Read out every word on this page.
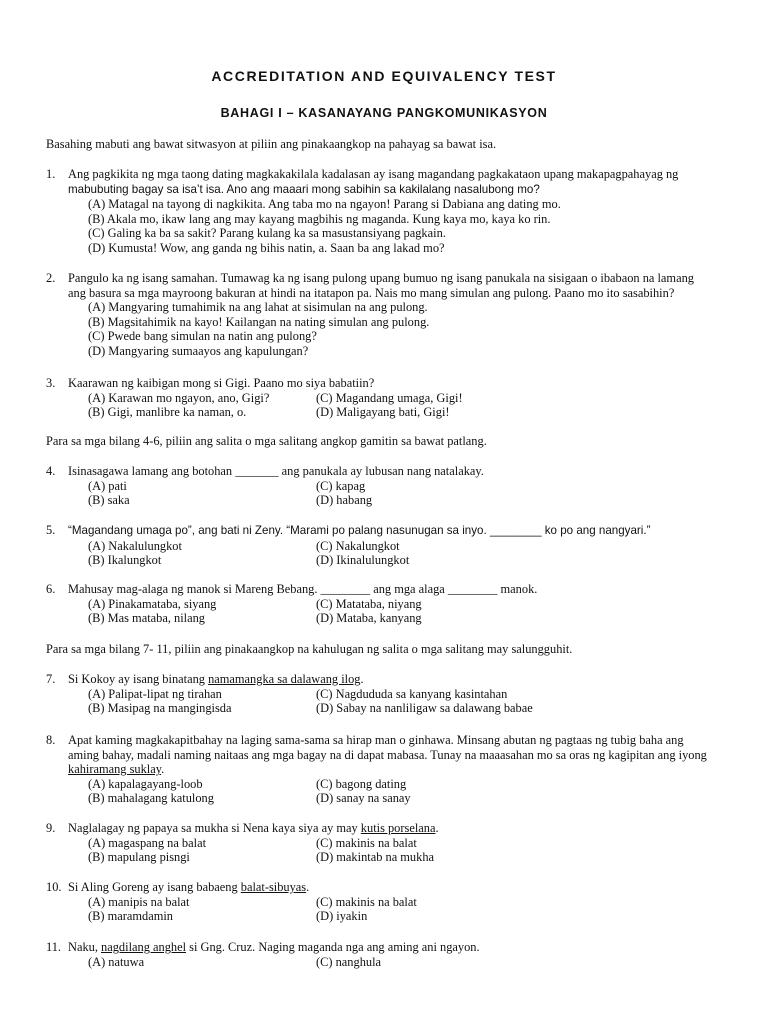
ACCREDITATION AND EQUIVALENCY TEST
BAHAGI I – KASANAYANG PANGKOMUNIKASYON
Basahing mabuti ang bawat sitwasyon at piliin ang pinakaangkop na pahayag sa bawat isa.
1. Ang pagkikita ng mga taong dating magkakakilala kadalasan ay isang magandang pagkakataon upang makapagpahayag ng
mabubuting bagay sa isa’t isa. Ano ang maaari mong sabihin sa kakilalang nasalubong mo?
(A) Matagal na tayong di nagkikita. Ang taba mo na ngayon! Parang si Dabiana ang dating mo.
(B) Akala mo, ikaw lang ang may kayang magbihis ng maganda. Kung kaya mo, kaya ko rin.
(C) Galing ka ba sa sakit? Parang kulang ka sa masustansiyang pagkain.
(D) Kumusta! Wow, ang ganda ng bihis natin, a. Saan ba ang lakad mo?
2. Pangulo ka ng isang samahan. Tumawag ka ng isang pulong upang bumuo ng isang panukala na sisigaan o ibabaon na lamang
ang basura sa mga mayroong bakuran at hindi na itatapon pa. Nais mo mang simulan ang pulong. Paano mo ito sasabihin?
(A) Mangyaring tumahimik na ang lahat at sisimulan na ang pulong.
(B) Magsitahimik na kayo! Kailangan na nating simulan ang pulong.
(C) Pwede bang simulan na natin ang pulong?
(D) Mangyaring sumaayos ang kapulungan?
3. Kaarawan ng kaibigan mong si Gigi. Paano mo siya babatiin?
(A) Karawan mo ngayon, ano, Gigi?	(C) Magandang umaga, Gigi!
(B) Gigi, manlibre ka naman, o.	(D) Maligayang bati, Gigi!
Para sa mga bilang 4-6, piliin ang salita o mga salitang angkop gamitin sa bawat patlang.
4. Isinasagawa lamang ang botohan _______ ang panukala ay lubusan nang natalakay.
(A) pati	(C) kapag
(B) saka	(D) habang
5. “Magandang umaga po”, ang bati ni Zeny. “Marami po palang nasunugan sa inyo. ________ ko po ang nangyari.”
(A) Nakalulungkot	(C) Nakalungkot
(B) Ikalungkot	(D) Ikinalulungkot
6. Mahusay mag-alaga ng manok si Mareng Bebang. ________ ang mga alaga ________ manok.
(A) Pinakamataba, siyang	(C) Matataba, niyang
(B) Mas mataba, nilang	(D) Mataba, kanyang
Para sa mga bilang 7- 11, piliin ang pinakaangkop na kahulugan ng salita o mga salitang may salungguhit.
7. Si Kokoy ay isang binatang namamangka sa dalawang ilog.
(A) Palipat-lipat ng tirahan	(C) Nagdududa sa kanyang kasintahan
(B) Masipag na mangingisda	(D) Sabay na nanliligaw sa dalawang babae
8. Apat kaming magkakapitbahay na laging sama-sama sa hirap man o ginhawa. Minsang abutan ng pagtaas ng tubig baha ang
aming bahay, madali naming naitaas ang mga bagay na di dapat mabasa. Tunay na maaasahan mo sa oras ng kagipitan ang iyong
kahiramang suklay.
(A) kapalagayang-loob	(C) bagong dating
(B) mahalagang katulong	(D) sanay na sanay
9. Naglalagay ng papaya sa mukha si Nena kaya siya ay may kutis porselana.
(A) magaspang na balat	(C) makinis na balat
(B) mapulang pisngi	(D) makintab na mukha
10. Si Aling Goreng ay isang babaeng balat-sibuyas.
(A) manipis na balat	(C) makinis na balat
(B) maramdamin	(D) iyakin
11. Naku, nagdilang anghel si Gng. Cruz. Naging maganda nga ang aming ani ngayon.
(A) natuwa	(C) nanghula
